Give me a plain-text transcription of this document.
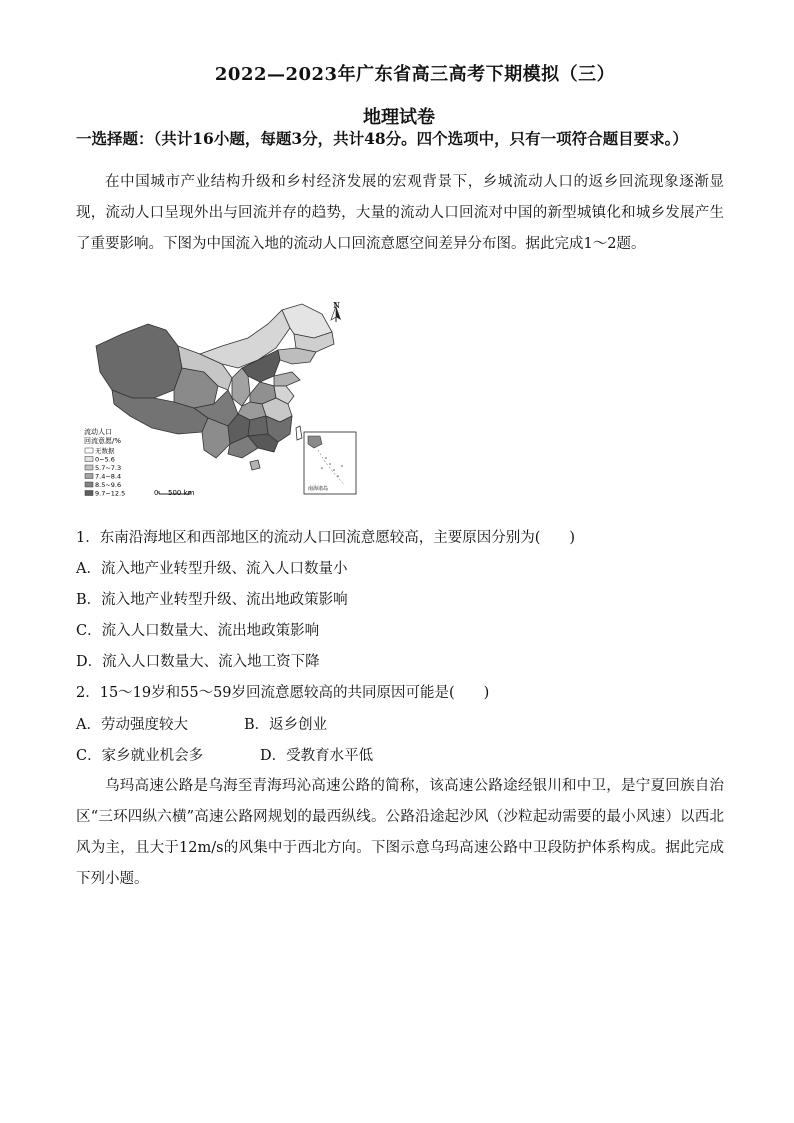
2022—2023年广东省高三高考下期模拟（三）
地理试卷
一选择题：（共计16小题，每题3分，共计48分。四个选项中，只有一项符合题目要求。）
在中国城市产业结构升级和乡村经济发展的宏观背景下，乡城流动人口的返乡回流现象逐渐显现，流动人口呈现外出与回流并存的趋势，大量的流动人口回流对中国的新型城镇化和城乡发展产生了重要影响。下图为中国流入地的流动人口回流意愿空间差异分布图。据此完成1～2题。
N
流动人口
回流意愿/%
无数据
0~5.6
5.7~7.3
7.4~8.4
8.5~9.6
9.7~12.5	0 500 km	南海诸岛
1．东南沿海地区和西部地区的流动人口回流意愿较高，主要原因分别为(　　)
A．流入地产业转型升级、流入人口数量小
B．流入地产业转型升级、流出地政策影响
C．流入人口数量大、流出地政策影响
D．流入人口数量大、流入地工资下降
2．15～19岁和55～59岁回流意愿较高的共同原因可能是(　　)
A．劳动强度较大	B．返乡创业
C．家乡就业机会多	D．受教育水平低
乌玛高速公路是乌海至青海玛沁高速公路的简称，该高速公路途经银川和中卫，是宁夏回族自治区“三环四纵六横”高速公路网规划的最西纵线。公路沿途起沙风（沙粒起动需要的最小风速）以西北风为主，且大于12m/s的风集中于西北方向。下图示意乌玛高速公路中卫段防护体系构成。据此完成下列小题。
